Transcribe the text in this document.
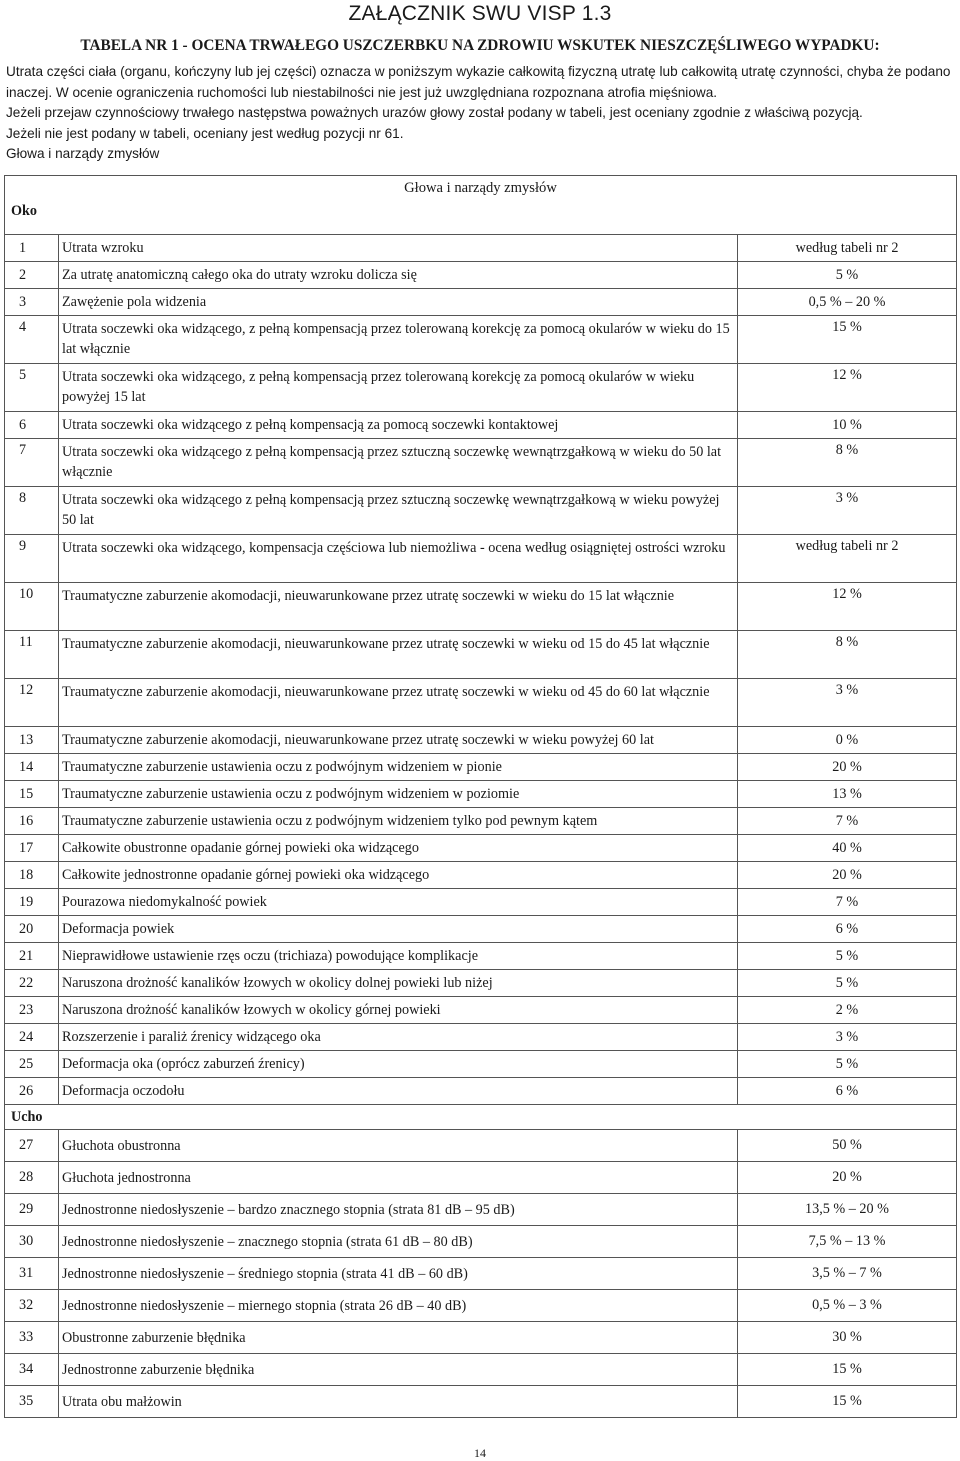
ZAŁĄCZNIK SWU VISP 1.3
TABELA NR 1 - OCENA TRWAŁEGO USZCZERBKU NA ZDROWIU WSKUTEK NIESZCZĘŚLIWEGO WYPADKU:

Utrata części ciała (organu, kończyny lub jej części) oznacza w poniższym wykazie całkowitą fizyczną utratę lub całkowitą utratę czynności, chyba że podano inaczej. W ocenie ograniczenia ruchomości lub niestabilności nie jest już uwzględniana rozpoznana atrofia mięśniowa.

Jeżeli przejaw czynnościowy trwałego następstwa poważnych urazów głowy został podany w tabeli, jest oceniany zgodnie z właściwą pozycją.

Jeżeli nie jest podany w tabeli, oceniany jest według pozycji nr 61.

Głowa i narządy zmysłów

Głowa i narządy zmysłów
Oko		

1	Utrata wzroku	według tabeli nr 2
2	Za utratę anatomiczną całego oka do utraty wzroku dolicza się	5 %
3	Zawężenie pola widzenia	0,5 % – 20 %
4	Utrata soczewki oka widzącego, z pełną kompensacją przez tolerowaną korekcję za pomocą okularów w wieku do 15 lat włącznie	15 %
5	Utrata soczewki oka widzącego, z pełną kompensacją przez tolerowaną korekcję za pomocą okularów w wieku powyżej 15 lat	12 %
6	Utrata soczewki oka widzącego z pełną kompensacją za pomocą soczewki kontaktowej	10 %
7	Utrata soczewki oka widzącego z pełną kompensacją przez sztuczną soczewkę wewnątrzgałkową w wieku do 50 lat włącznie	8 %
8	Utrata soczewki oka widzącego z pełną kompensacją przez sztuczną soczewkę wewnątrzgałkową w wieku powyżej 50 lat	3 %
9	Utrata soczewki oka widzącego, kompensacja częściowa lub niemożliwa - ocena według osiągniętej ostrości wzroku	według tabeli nr 2
10	Traumatyczne zaburzenie akomodacji, nieuwarunkowane przez utratę soczewki w wieku do 15 lat włącznie	12 %
11	Traumatyczne zaburzenie akomodacji, nieuwarunkowane przez utratę soczewki w wieku od 15 do 45 lat włącznie	8 %
12	Traumatyczne zaburzenie akomodacji, nieuwarunkowane przez utratę soczewki w wieku od 45 do 60 lat włącznie	3 %
13	Traumatyczne zaburzenie akomodacji, nieuwarunkowane przez utratę soczewki w wieku powyżej 60 lat	0 %
14	Traumatyczne zaburzenie ustawienia oczu z podwójnym widzeniem w pionie	20 %
15	Traumatyczne zaburzenie ustawienia oczu z podwójnym widzeniem w poziomie	13 %
16	Traumatyczne zaburzenie ustawienia oczu z podwójnym widzeniem tylko pod pewnym kątem	7 %
17	Całkowite obustronne opadanie górnej powieki oka widzącego	40 %
18	Całkowite jednostronne opadanie górnej powieki oka widzącego	20 %
19	Pourazowa niedomykalność powiek	7 %
20	Deformacja powiek	6 %
21	Nieprawidłowe ustawienie rzęs oczu (trichiaza) powodujące komplikacje	5 %
22	Naruszona drożność kanalików łzowych w okolicy dolnej powieki lub niżej	5 %
23	Naruszona drożność kanalików łzowych w okolicy górnej powieki	2 %
24	Rozszerzenie i paraliż źrenicy widzącego oka	3 %
25	Deformacja oka (oprócz zaburzeń źrenicy)	5 %
26	Deformacja oczodołu	6 %
Ucho		
27	Głuchota obustronna	50 %
28	Głuchota jednostronna	20 %
29	Jednostronne niedosłyszenie – bardzo znacznego stopnia (strata 81 dB – 95 dB)	13,5 % – 20 %
30	Jednostronne niedosłyszenie – znacznego stopnia (strata 61 dB – 80 dB)	7,5 % – 13 %
31	Jednostronne niedosłyszenie – średniego stopnia (strata 41 dB – 60 dB)	3,5 % – 7 %
32	Jednostronne niedosłyszenie – miernego stopnia (strata 26 dB – 40 dB)	0,5 % – 3 %
33	Obustronne zaburzenie błędnika	30 %
34	Jednostronne zaburzenie błędnika	15 %
35	Utrata obu małżowin	15 %
14
